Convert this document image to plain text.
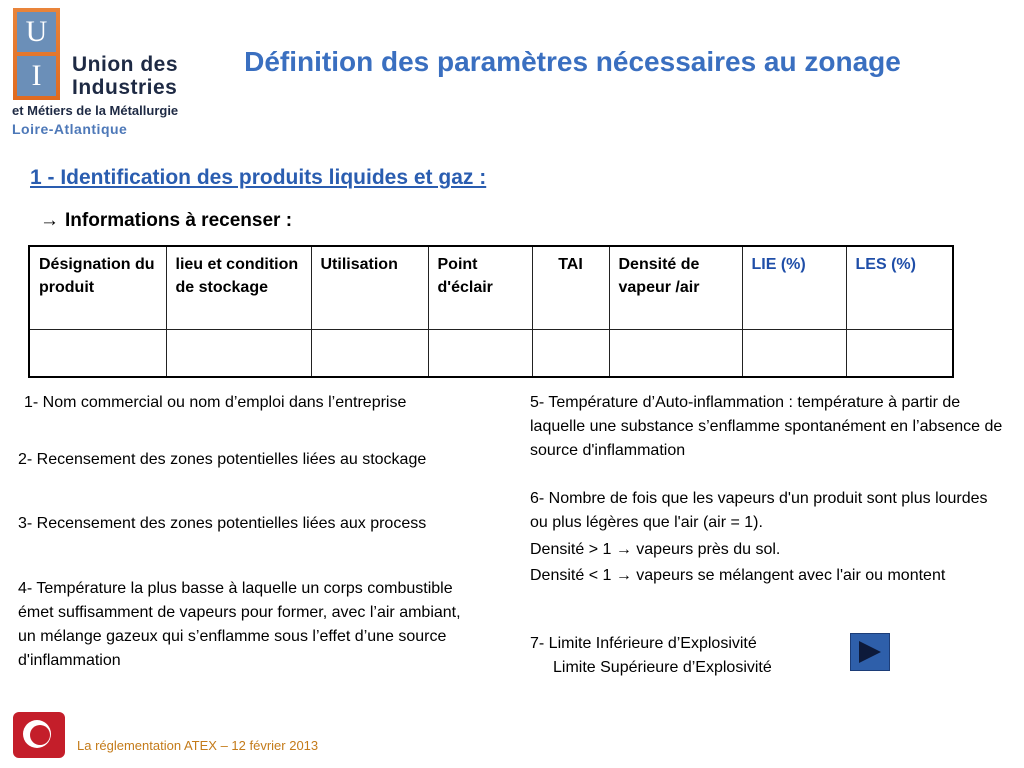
U
I	Union des
Industries
et Métiers de la Métallurgie
Loire-Atlantique
Définition des paramètres nécessaires au zonage
1 - Identification des produits liquides et gaz :
→ Informations à recenser :
Désignation du produit	lieu et condition de stockage	Utilisation	Point d'éclair	TAI	Densité de vapeur /air	LIE (%)	LES (%)

1- Nom commercial ou nom d’emploi dans l’entreprise
2- Recensement des zones potentielles liées au stockage
3- Recensement des zones potentielles liées aux process
4- Température la plus basse à laquelle un corps combustible émet suffisamment de vapeurs pour former, avec l’air ambiant, un mélange gazeux qui s’enflamme sous l’effet d’une source d'inflammation
5- Température d’Auto-inflammation : température à partir de laquelle une substance s’enflamme spontanément en l’absence de source d'inflammation
6- Nombre de fois que les vapeurs d'un produit sont plus lourdes ou plus légères que l'air (air = 1).
Densité > 1 → vapeurs près du sol.
Densité < 1 → vapeurs se mélangent avec l'air ou montent
7- Limite Inférieure d’Explosivité
Limite Supérieure d’Explosivité
La réglementation ATEX – 12 février 2013
